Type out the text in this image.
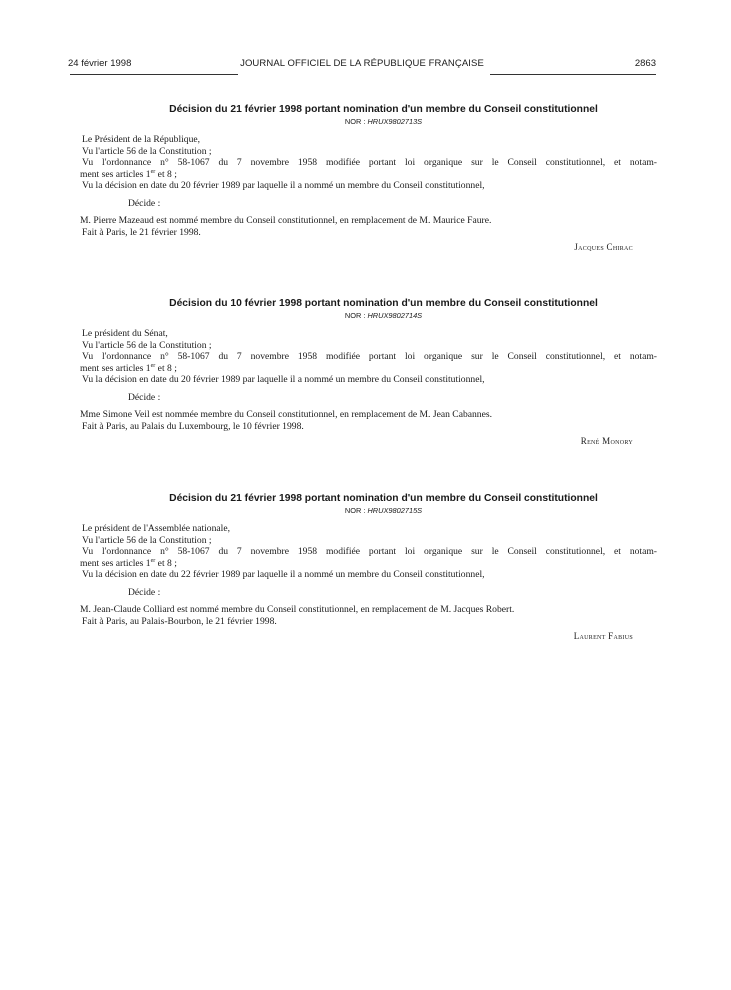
24 février 1998	JOURNAL OFFICIEL DE LA RÉPUBLIQUE FRANÇAISE	2863

Décision du 21 février 1998 portant nomination d'un membre du Conseil constitutionnel

NOR : HRUX9802713S

Le Président de la République,

Vu l'article 56 de la Constitution ;

Vu l'ordonnance n° 58-1067 du 7 novembre 1958 modifiée portant loi organique sur le Conseil constitutionnel, et notam-

ment ses articles 1er et 8 ;

Vu la décision en date du 20 février 1989 par laquelle il a nommé un membre du Conseil constitutionnel,

Décide :

M. Pierre Mazeaud est nommé membre du Conseil constitutionnel, en remplacement de M. Maurice Faure.

Fait à Paris, le 21 février 1998.

Jacques Chirac

Décision du 10 février 1998 portant nomination d'un membre du Conseil constitutionnel

NOR : HRUX9802714S

Le président du Sénat,

Vu l'article 56 de la Constitution ;

Vu l'ordonnance n° 58-1067 du 7 novembre 1958 modifiée portant loi organique sur le Conseil constitutionnel, et notam-

ment ses articles 1er et 8 ;

Vu la décision en date du 20 février 1989 par laquelle il a nommé un membre du Conseil constitutionnel,

Décide :

Mme Simone Veil est nommée membre du Conseil constitutionnel, en remplacement de M. Jean Cabannes.

Fait à Paris, au Palais du Luxembourg, le 10 février 1998.

René Monory

Décision du 21 février 1998 portant nomination d'un membre du Conseil constitutionnel

NOR : HRUX9802715S

Le président de l'Assemblée nationale,

Vu l'article 56 de la Constitution ;

Vu l'ordonnance n° 58-1067 du 7 novembre 1958 modifiée portant loi organique sur le Conseil constitutionnel, et notam-

ment ses articles 1er et 8 ;

Vu la décision en date du 22 février 1989 par laquelle il a nommé un membre du Conseil constitutionnel,

Décide :

M. Jean-Claude Colliard est nommé membre du Conseil constitutionnel, en remplacement de M. Jacques Robert.

Fait à Paris, au Palais-Bourbon, le 21 février 1998.

Laurent Fabius
